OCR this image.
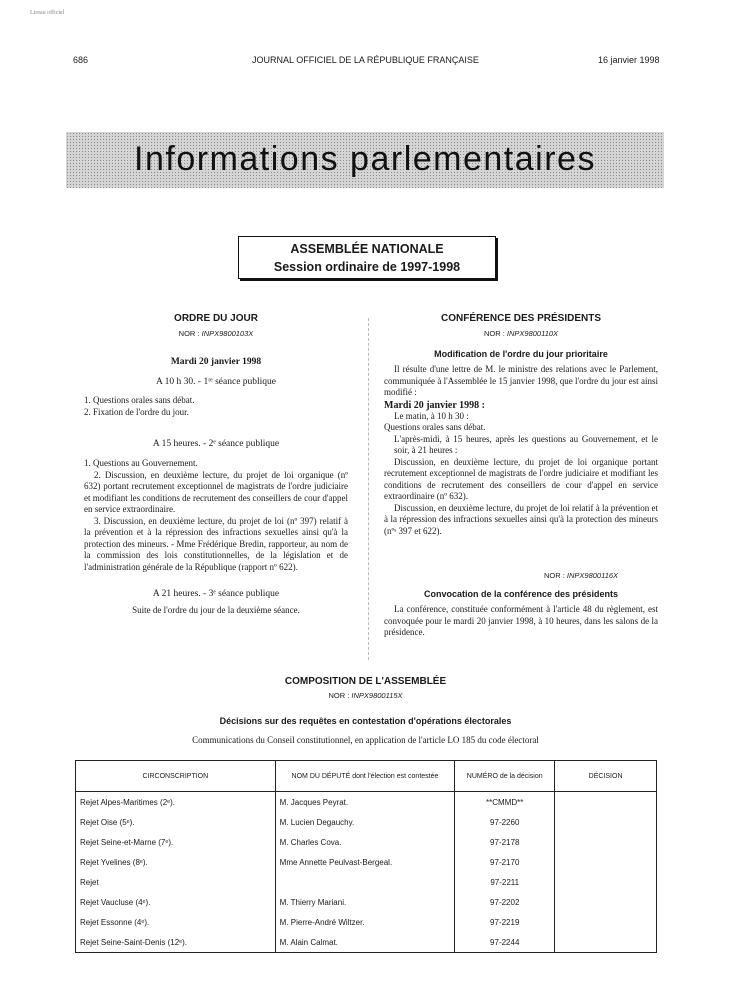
Lireau officiel
686	JOURNAL OFFICIEL DE LA RÉPUBLIQUE FRANÇAISE	16 janvier 1998
Informations parlementaires
ASSEMBLÉE NATIONALE
Session ordinaire de 1997-1998
ORDRE DU JOUR
NOR : INPX9800103X
Mardi 20 janvier 1998
A 10 h 30. - 1ʳᵉ séance publique
1. Questions orales sans débat.
2. Fixation de l'ordre du jour.
A 15 heures. - 2ᵉ séance publique
1. Questions au Gouvernement.
2. Discussion, en deuxième lecture, du projet de loi organique (nº 632) portant recrutement exceptionnel de magistrats de l'ordre judiciaire et modifiant les conditions de recrutement des conseillers de cour d'appel en service extraordinaire.
3. Discussion, en deuxième lecture, du projet de loi (nº 397) relatif à la prévention et à la répression des infractions sexuelles ainsi qu'à la protection des mineurs. - Mme Frédérique Bredin, rapporteur, au nom de la commission des lois constitutionnelles, de la législation et de l'administration générale de la République (rapport nº 622).
A 21 heures. - 3ᵉ séance publique
Suite de l'ordre du jour de la deuxième séance.
CONFÉRENCE DES PRÉSIDENTS
NOR : INPX9800110X
Modification de l'ordre du jour prioritaire
Il résulte d'une lettre de M. le ministre des relations avec le Parlement, communiquée à l'Assemblée le 15 janvier 1998, que l'ordre du jour est ainsi modifié :
Mardi 20 janvier 1998 :
Le matin, à 10 h 30 :
Questions orales sans débat.
L'après-midi, à 15 heures, après les questions au Gouvernement, et le soir, à 21 heures :
Discussion, en deuxième lecture, du projet de loi organique portant recrutement exceptionnel de magistrats de l'ordre judiciaire et modifiant les conditions de recrutement des conseillers de cour d'appel en service extraordinaire (nº 632).
Discussion, en deuxième lecture, du projet de loi relatif à la prévention et à la répression des infractions sexuelles ainsi qu'à la protection des mineurs (nºˢ 397 et 622).
NOR : INPX9800116X
Convocation de la conférence des présidents
La conférence, constituée conformément à l'article 48 du règlement, est convoquée pour le mardi 20 janvier 1998, à 10 heures, dans les salons de la présidence.
COMPOSITION DE L'ASSEMBLÉE
NOR : INPX9800115X
Décisions sur des requêtes en contestation d'opérations électorales
Communications du Conseil constitutionnel, en application de l'article LO 185 du code électoral
CIRCONSCRIPTION	NOM DU DÉPUTÉ dont l'élection est contestée	NUMÉRO de la décision	DÉCISION
Rejet Alpes-Maritimes (2ᵉ).	M. Jacques Peyrat.	**CMMD**	
Rejet Oise (5ᵉ).	M. Lucien Degauchy.	97-2260	
Rejet Seine-et-Marne (7ᵉ).	M. Charles Cova.	97-2178	
Rejet Yvelines (8ᵉ).	Mme Annette Peulvast-Bergeal.	97-2170	
Rejet		97-2211	
Rejet Vaucluse (4ᵉ).	M. Thierry Mariani.	97-2202	
Rejet Essonne (4ᵉ).	M. Pierre-André Wiltzer.	97-2219	
Rejet Seine-Saint-Denis (12ᵉ).	M. Alain Calmat.	97-2244	
